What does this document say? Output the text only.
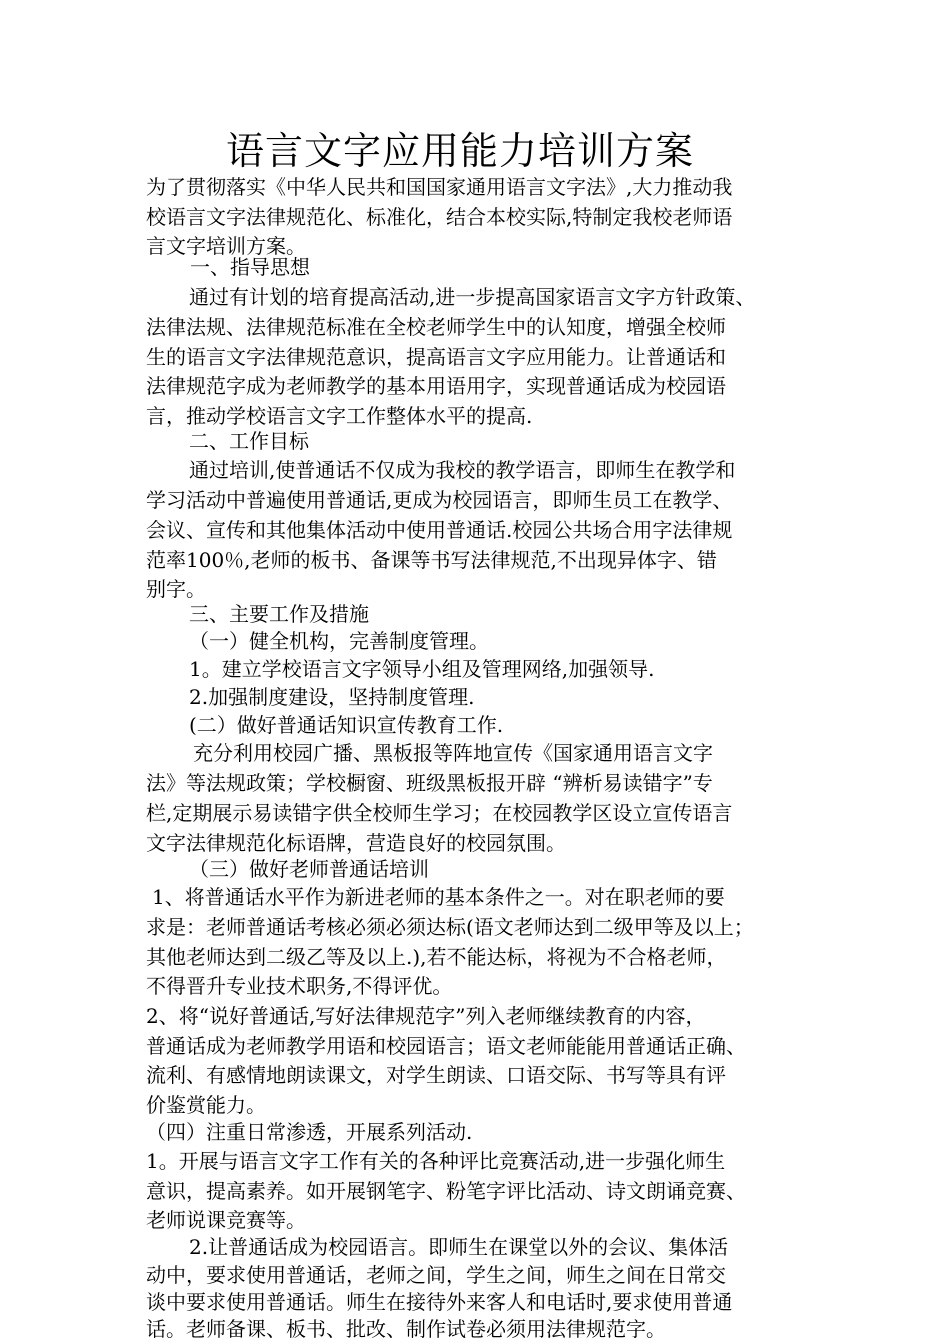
语言文字应用能力培训方案
为了贯彻落实《中华人民共和国国家通用语言文字法》,大力推动我
校语言文字法律规范化、标准化，结合本校实际,特制定我校老师语
言文字培训方案。
一、指导思想
通过有计划的培育提高活动,进一步提高国家语言文字方针政策、
法律法规、法律规范标准在全校老师学生中的认知度，增强全校师
生的语言文字法律规范意识，提高语言文字应用能力。让普通话和
法律规范字成为老师教学的基本用语用字，实现普通话成为校园语
言，推动学校语言文字工作整体水平的提高.
二、工作目标
通过培训,使普通话不仅成为我校的教学语言，即师生在教学和
学习活动中普遍使用普通话,更成为校园语言，即师生员工在教学、
会议、宣传和其他集体活动中使用普通话.校园公共场合用字法律规
范率100％,老师的板书、备课等书写法律规范,不出现异体字、错
别字。
三、主要工作及措施
（一）健全机构，完善制度管理。
1。建立学校语言文字领导小组及管理网络,加强领导.
2.加强制度建设，坚持制度管理.
(二）做好普通话知识宣传教育工作.
充分利用校园广播、黑板报等阵地宣传《国家通用语言文字
法》等法规政策；学校橱窗、班级黑板报开辟 “辨析易读错字”专
栏,定期展示易读错字供全校师生学习；在校园教学区设立宣传语言
文字法律规范化标语牌，营造良好的校园氛围。
（三）做好老师普通话培训
1、将普通话水平作为新进老师的基本条件之一。对在职老师的要
求是：老师普通话考核必须必须达标(语文老师达到二级甲等及以上；
其他老师达到二级乙等及以上.),若不能达标，将视为不合格老师，
不得晋升专业技术职务,不得评优。
2、将“说好普通话,写好法律规范字”列入老师继续教育的内容，
普通话成为老师教学用语和校园语言；语文老师能能用普通话正确、
流利、有感情地朗读课文，对学生朗读、口语交际、书写等具有评
价鉴赏能力。
（四）注重日常渗透，开展系列活动.
1。开展与语言文字工作有关的各种评比竞赛活动,进一步强化师生
意识，提高素养。如开展钢笔字、粉笔字评比活动、诗文朗诵竞赛、
老师说课竞赛等。
2.让普通话成为校园语言。即师生在课堂以外的会议、集体活
动中，要求使用普通话，老师之间，学生之间，师生之间在日常交
谈中要求使用普通话。师生在接待外来客人和电话时,要求使用普通
话。老师备课、板书、批改、制作试卷必须用法律规范字。
